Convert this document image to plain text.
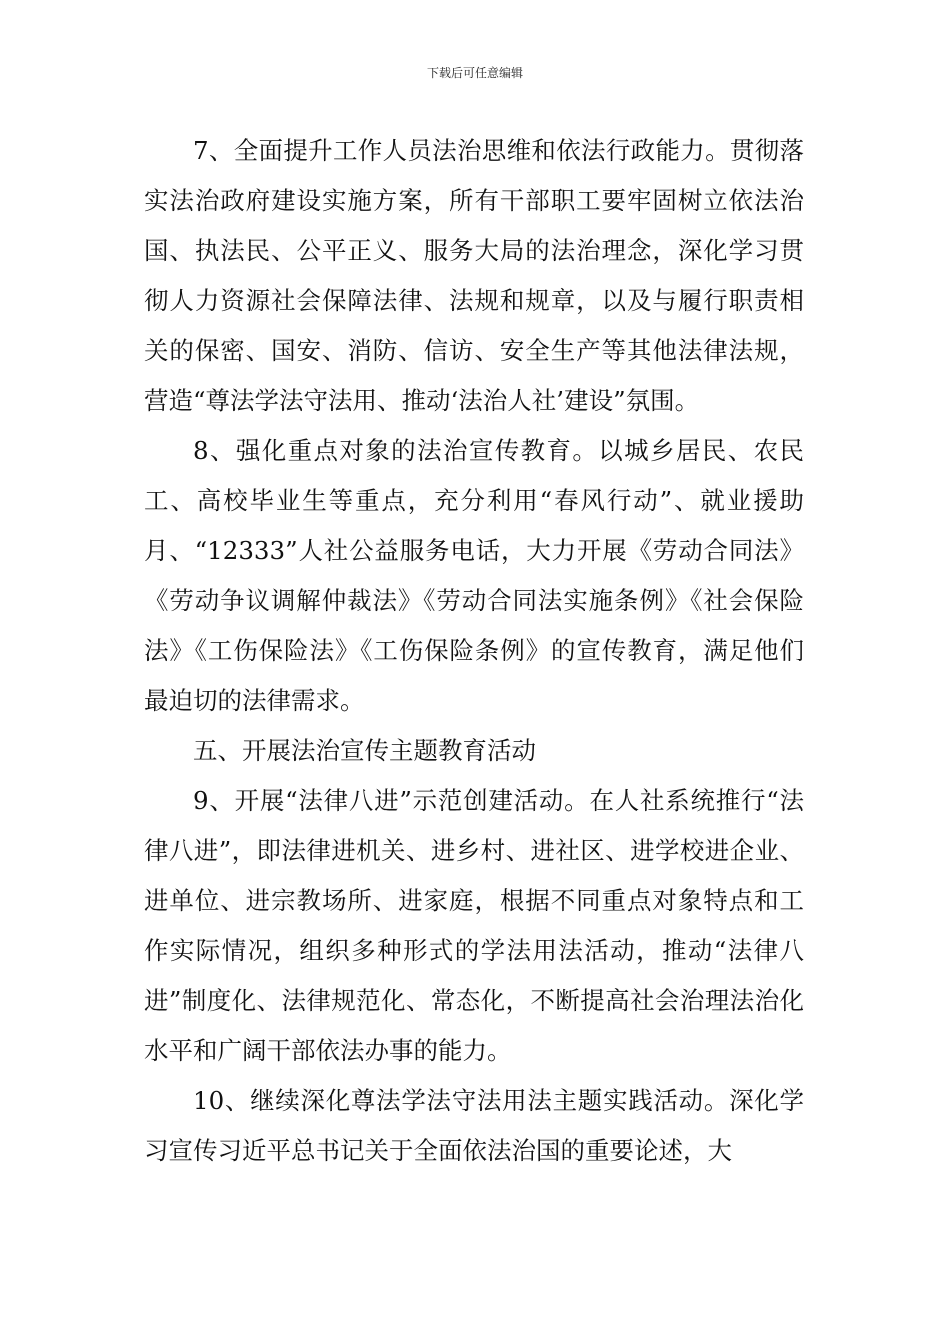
下载后可任意编辑

7、全面提升工作人员法治思维和依法行政能力。贯彻落实法治政府建设实施方案，所有干部职工要牢固树立依法治国、执法民、公平正义、服务大局的法治理念，深化学习贯彻人力资源社会保障法律、法规和规章，以及与履行职责相关的保密、国安、消防、信访、安全生产等其他法律法规，营造“尊法学法守法用、推动‘法治人社’建设”氛围。

8、强化重点对象的法治宣传教育。以城乡居民、农民工、高校毕业生等重点，充分利用“春风行动”、就业援助月、“12333”人社公益服务电话，大力开展《劳动合同法》《劳动争议调解仲裁法》《劳动合同法实施条例》《社会保险法》《工伤保险法》《工伤保险条例》的宣传教育，满足他们最迫切的法律需求。

五、开展法治宣传主题教育活动

9、开展“法律八进”示范创建活动。在人社系统推行“法律八进”，即法律进机关、进乡村、进社区、进学校进企业、进单位、进宗教场所、进家庭，根据不同重点对象特点和工作实际情况，组织多种形式的学法用法活动，推动“法律八进”制度化、法律规范化、常态化，不断提高社会治理法治化水平和广阔干部依法办事的能力。

10、继续深化尊法学法守法用法主题实践活动。深化学习宣传习近平总书记关于全面依法治国的重要论述，大
